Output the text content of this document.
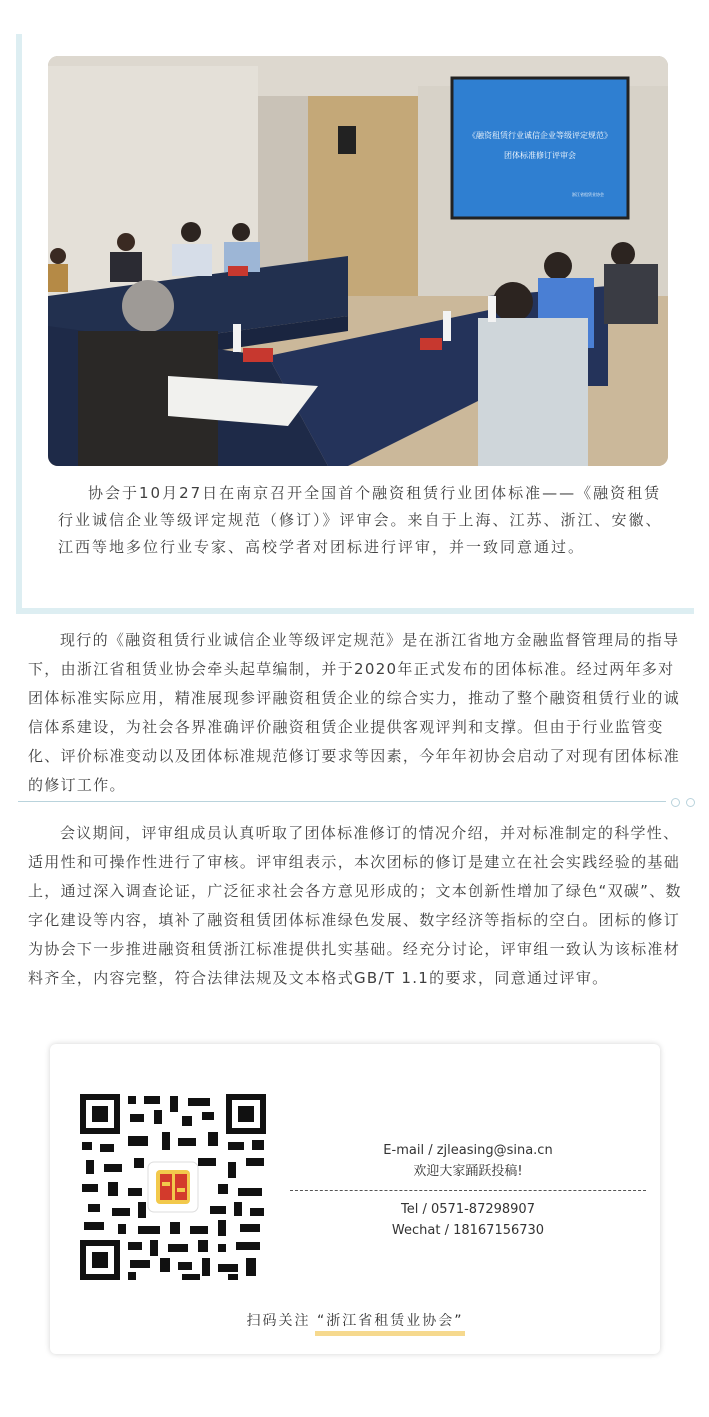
《融资租赁行业诚信企业等级评定规范》
团体标准修订评审会
浙江省租赁业协会

协会于10月27日在南京召开全国首个融资租赁行业团体标准——《融资租赁行业诚信企业等级评定规范（修订）》评审会。来自于上海、江苏、浙江、安徽、江西等地多位行业专家、高校学者对团标进行评审，并一致同意通过。

现行的《融资租赁行业诚信企业等级评定规范》是在浙江省地方金融监督管理局的指导下，由浙江省租赁业协会牵头起草编制，并于2020年正式发布的团体标准。经过两年多对团体标准实际应用，精准展现参评融资租赁企业的综合实力，推动了整个融资租赁行业的诚信体系建设，为社会各界准确评价融资租赁企业提供客观评判和支撑。但由于行业监管变化、评价标准变动以及团体标准规范修订要求等因素，今年年初协会启动了对现有团体标准的修订工作。

会议期间，评审组成员认真听取了团体标准修订的情况介绍，并对标准制定的科学性、适用性和可操作性进行了审核。评审组表示，本次团标的修订是建立在社会实践经验的基础上，通过深入调查论证，广泛征求社会各方意见形成的；文本创新性增加了绿色“双碳”、数字化建设等内容，填补了融资租赁团体标准绿色发展、数字经济等指标的空白。团标的修订为协会下一步推进融资租赁浙江标准提供扎实基础。经充分讨论，评审组一致认为该标准材料齐全，内容完整，符合法律法规及文本格式GB/T 1.1的要求，同意通过评审。

E-mail / zjleasing@sina.cn
欢迎大家踊跃投稿!
Tel / 0571-87298907
Wechat / 18167156730
扫码关注 “浙江省租赁业协会”
